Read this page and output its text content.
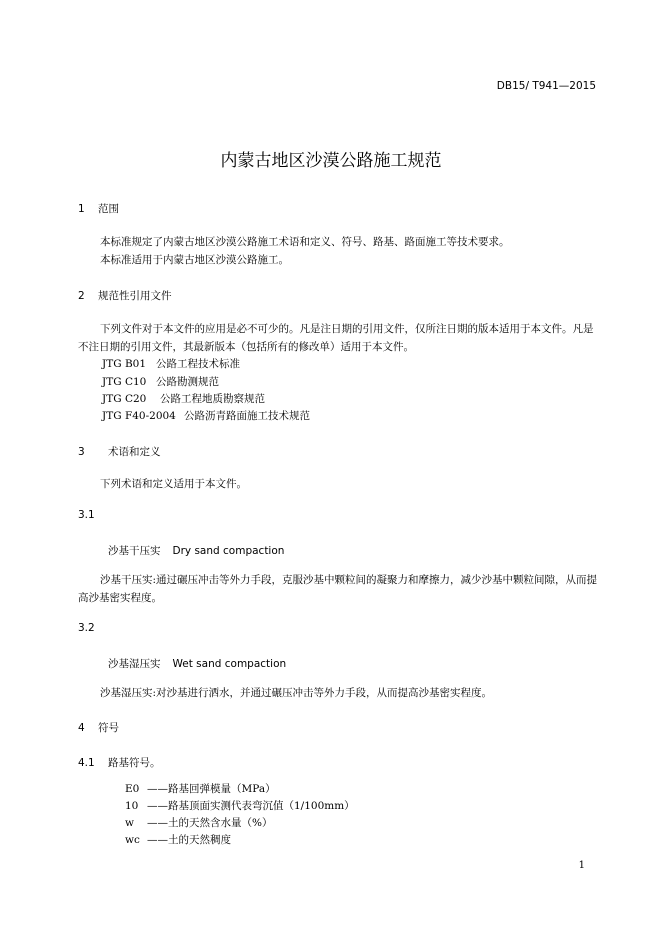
DB15/ T941—2015
内蒙古地区沙漠公路施工规范
1 范围
本标准规定了内蒙古地区沙漠公路施工术语和定义、符号、路基、路面施工等技术要求。
本标准适用于内蒙古地区沙漠公路施工。
2 规范性引用文件
下列文件对于本文件的应用是必不可少的。凡是注日期的引用文件，仅所注日期的版本适用于本文件。凡是不注日期的引用文件，其最新版本（包括所有的修改单）适用于本文件。
JTG B01 公路工程技术标准
JTG C10 公路勘测规范
JTG C20 公路工程地质勘察规范
JTG F40-2004 公路沥青路面施工技术规范
3 术语和定义
下列术语和定义适用于本文件。
3.1
沙基干压实 Dry sand compaction
沙基干压实:通过碾压冲击等外力手段，克服沙基中颗粒间的凝聚力和摩擦力，减少沙基中颗粒间隙，从而提高沙基密实程度。
3.2
沙基湿压实 Wet sand compaction
沙基湿压实:对沙基进行洒水，并通过碾压冲击等外力手段，从而提高沙基密实程度。
4 符号
4.1 路基符号。
E0 ——路基回弹模量（MPa）
10 ——路基顶面实测代表弯沉值（1/100mm）
w ——土的天然含水量（%）
wc ——土的天然稠度
1
